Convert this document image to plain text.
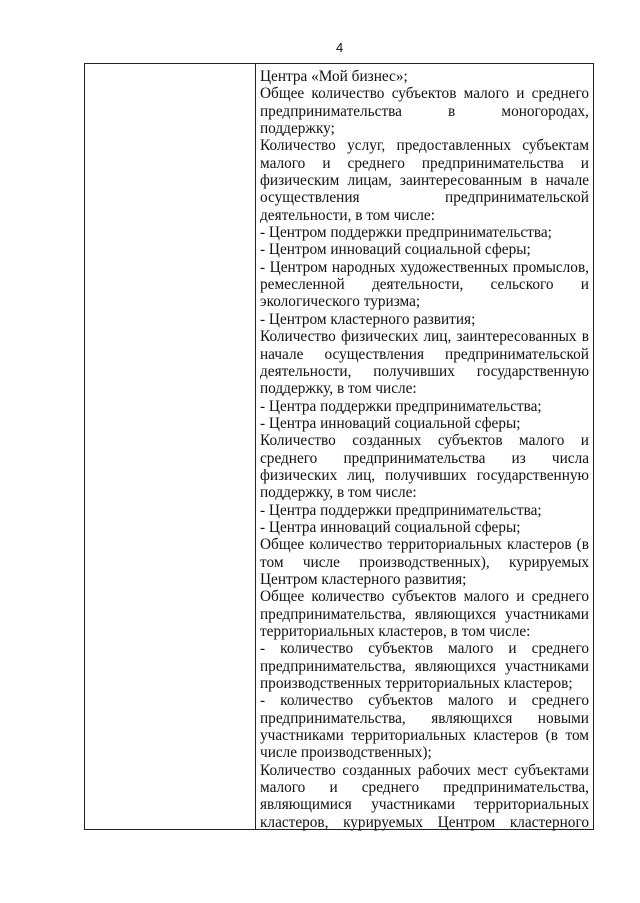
4
Центра «Мой бизнес»;
Общее количество субъектов малого и среднего
предпринимательства в моногородах,
поддержку;
Количество услуг, предоставленных субъектам
малого и среднего предпринимательства и
физическим лицам, заинтересованным в начале
осуществления предпринимательской
деятельности, в том числе:
- Центром поддержки предпринимательства;
- Центром инноваций социальной сферы;
- Центром народных художественных промыслов,
ремесленной деятельности, сельского и
экологического туризма;
- Центром кластерного развития;
Количество физических лиц, заинтересованных в
начале осуществления предпринимательской
деятельности, получивших государственную
поддержку, в том числе:
- Центра поддержки предпринимательства;
- Центра инноваций социальной сферы;
Количество созданных субъектов малого и
среднего предпринимательства из числа
физических лиц, получивших государственную
поддержку, в том числе:
- Центра поддержки предпринимательства;
- Центра инноваций социальной сферы;
Общее количество территориальных кластеров (в
том числе производственных), курируемых
Центром кластерного развития;
Общее количество субъектов малого и среднего
предпринимательства, являющихся участниками
территориальных кластеров, в том числе:
- количество субъектов малого и среднего
предпринимательства, являющихся участниками
производственных территориальных кластеров;
- количество субъектов малого и среднего
предпринимательства, являющихся новыми
участниками территориальных кластеров (в том
числе производственных);
Количество созданных рабочих мест субъектами
малого и среднего предпринимательства,
являющимися участниками территориальных
кластеров, курируемых Центром кластерного
